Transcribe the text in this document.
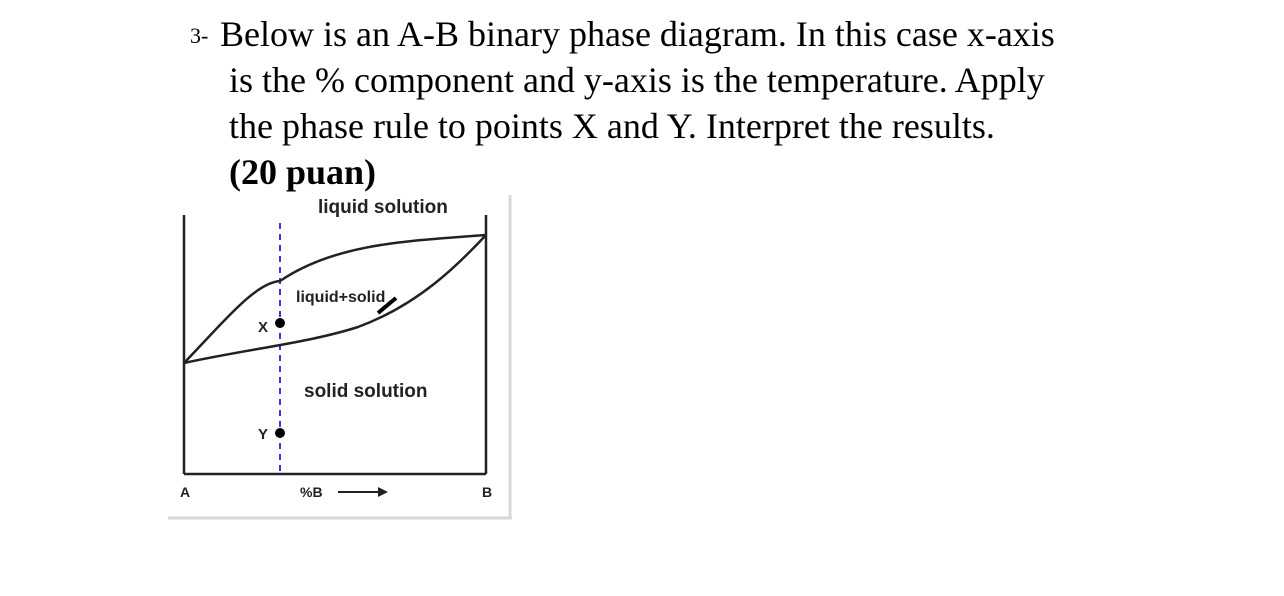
3- Below is an A-B binary phase diagram. In this case x-axis
is the % component and y-axis is the temperature. Apply
the phase rule to points X and Y. Interpret the results.
(20 puan)
liquid solution
liquid+solid
solid solution
X
Y
A	B
%B
